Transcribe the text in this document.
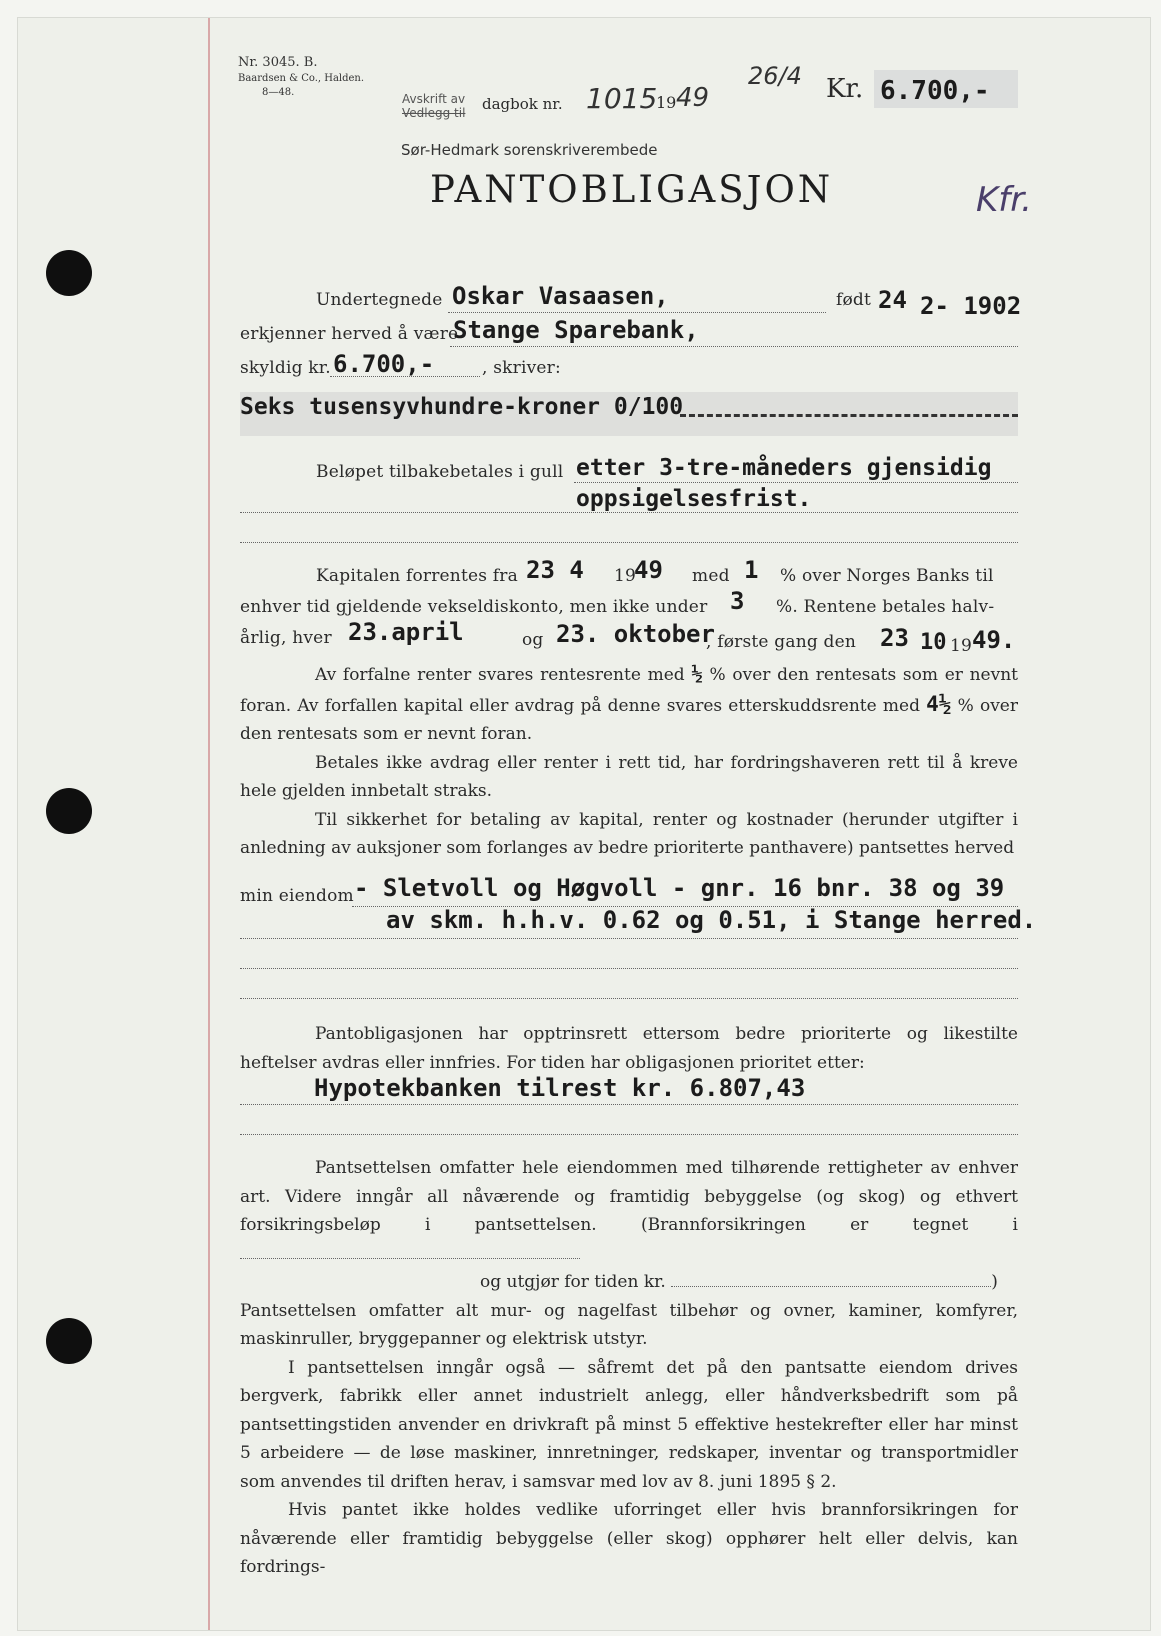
Nr. 3045. B.
Baardsen & Co., Halden.
8—48.	Avskrift av
Vedlegg til dagbok nr. 1015
19 49
26/4 Kr. 6.700,-
Sør-Hedmark sorenskriverembede
PANTOBLIGASJON	Kfr.
Undertegnede Oskar Vasaasen,	født 24 2- 1902
erkjenner herved å være
Stange Sparebank,
skyldig kr. 6.700,-	, skriver:
Seks tusensyvhundre-kroner 0/100
Beløpet tilbakebetales i gull etter 3-tre-måneders gjensidig
oppsigelsesfrist.
Kapitalen forrentes fra 23 4 19
49 med 1 % over Norges Banks til
enhver tid gjeldende vekseldiskonto, men ikke under 3 %. Rentene betales halv-
årlig, hver 23.april	og 23. oktober
, første gang den 23 10 19 49.

Av forfalne renter svares rentesrente med ½ % over den rentesats som er nevnt foran. Av forfallen kapital eller avdrag på denne svares etterskuddsrente med 4½ % over den rentesats som er nevnt foran.

Betales ikke avdrag eller renter i rett tid, har fordringshaveren rett til å kreve hele gjelden innbetalt straks.

Til sikkerhet for betaling av kapital, renter og kostnader (herunder utgifter i anledning av auksjoner som forlanges av bedre prioriterte panthavere) pantsettes herved

min eiendom - Sletvoll og Høgvoll - gnr. 16 bnr. 38 og 39
av skm. h.h.v. 0.62 og 0.51, i Stange herred.

Pantobligasjonen har opptrinsrett ettersom bedre prioriterte og likestilte heftelser avdras eller innfries. For tiden har obligasjonen prioritet etter:

Hypotekbanken tilrest kr. 6.807,43

Pantsettelsen omfatter hele eiendommen med tilhørende rettigheter av enhver art. Videre inngår all nåværende og framtidig bebyggelse (og skog) og ethvert forsikringsbeløp i pantsettelsen. (Brannforsikringen er tegnet i

og utgjør for tiden kr.	)

Pantsettelsen omfatter alt mur- og nagelfast tilbehør og ovner, kaminer, komfyrer, maskinruller, bryggepanner og elektrisk utstyr.

I pantsettelsen inngår også — såfremt det på den pantsatte eiendom drives bergverk, fabrikk eller annet industrielt anlegg, eller håndverksbedrift som på pantsettingstiden anvender en drivkraft på minst 5 effektive hestekrefter eller har minst 5 arbeidere — de løse maskiner, innretninger, redskaper, inventar og transportmidler som anvendes til driften herav, i samsvar med lov av 8. juni 1895 § 2.

Hvis pantet ikke holdes vedlike uforringet eller hvis brannforsikringen for nåværende eller framtidig bebyggelse (eller skog) opphører helt eller delvis, kan fordrings-
